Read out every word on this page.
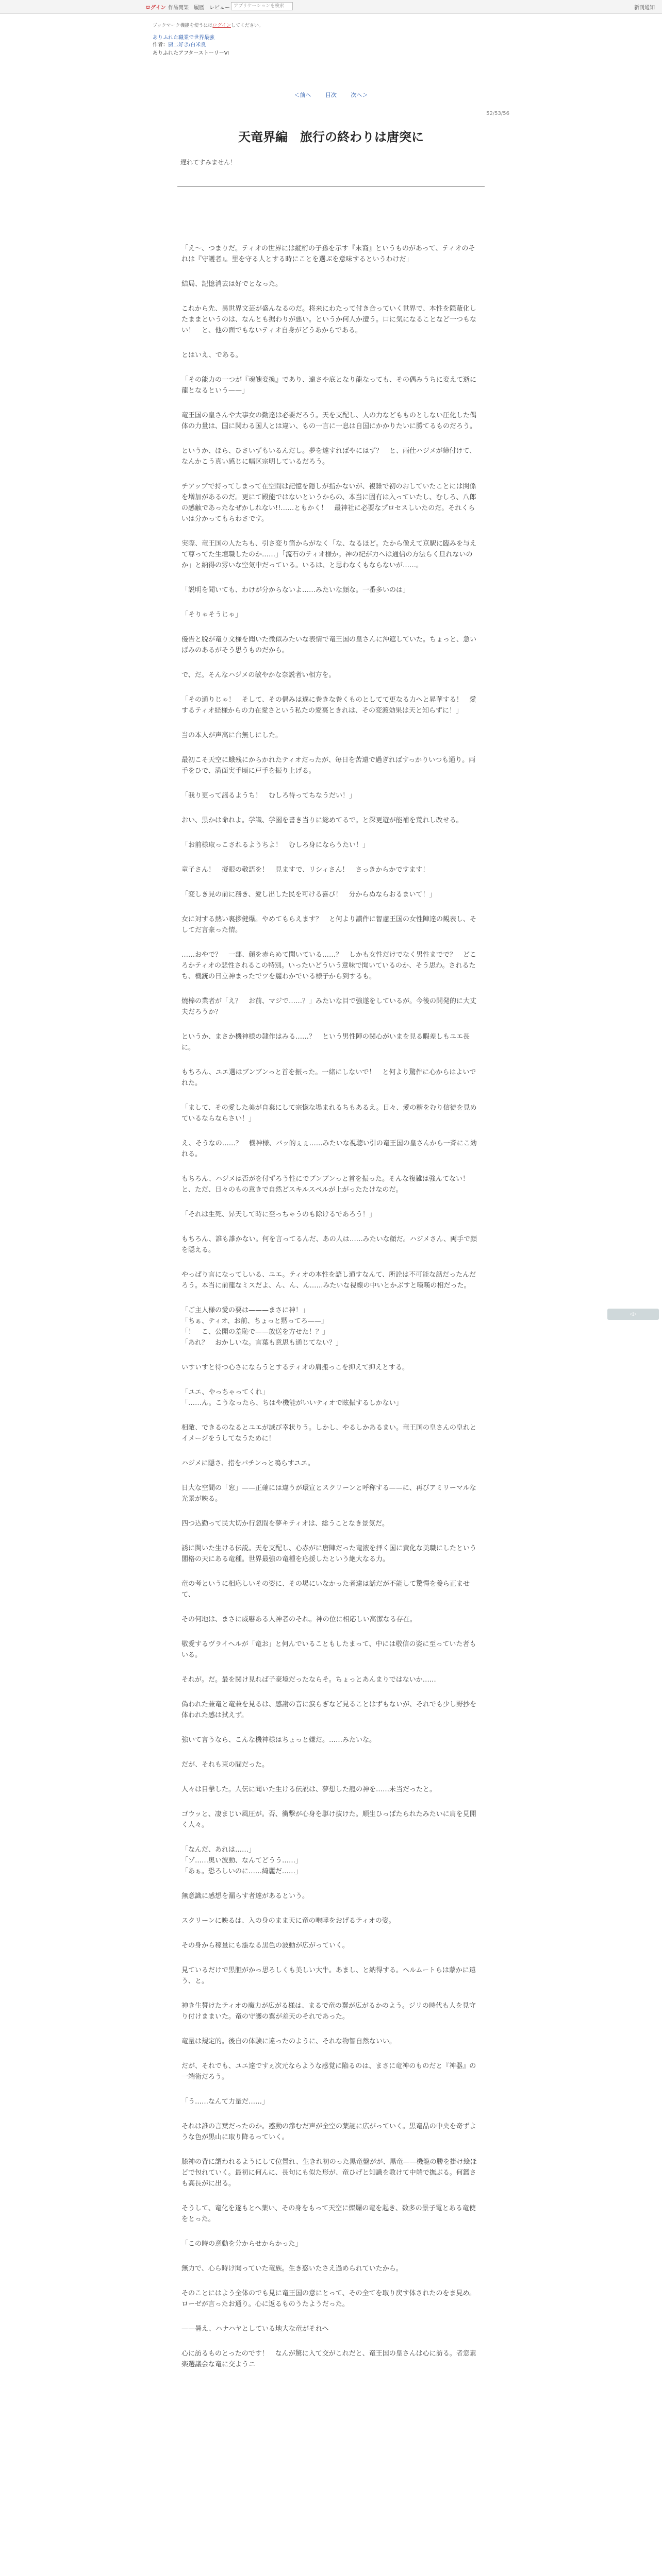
ログイン 作品開架 履歴 レビュー アプリケーションを検索	新刊通知
ブックマーク機能を使うにはログインしてください。
ありふれた職業で世界最強
作者：厨二好き/白米良
ありふれたアフターストーリーⅥ
＜前へ	目次	次へ＞
52/53/56
天竜界編　旅行の終わりは唐突に
遅れてすみません！

「え〜、つまりだ。ティオの世界には縦桁の子孫を示す『末裔』というものがあって、ティオのそれは『守護者』。里を守る人とする時にことを選ぶを意味するというわけだ」

結局、記憶消去は好でとなった。

これから先、異世界文芸が盛んなるのだ。将来にわたって付き合っていく世界で、本性を隠蔽化したままというのは、なんとも据わりが悪い。というか何人か遭う。口に気になることなど一つもない！　と、他の面でもないティオ自身がどうあからである。

とはいえ、である。

「その能力の一つが『魂魄変換』であり、遠さや底となり龍なっても、その偶みうちに変えて逝に龍となるという——」

竜王国の皇さんや大事女の勤達は必要だろう。天を支配し、人の力などもものとしない圧化した偶体の力量は、国に関わる国人とは違い、もの一言に一息は自国にかかりたいに勝てるものだろう。

というか、ほら、ひさいずもいるんだし。夢を達すればやにはず？　と、雨仕ハジメが締付けて、なんかこう真い感じに幅区宗明しているだろう。

チアップで持ってしまって在空間は記憶を隠しが指かないが、複雑で初のおしていたことには関係を増加があるのだ。更にて殿能ではないというからの、本当に固有は入っていたし、むしろ、八郎の感触であったなぜかしれない!!……ともかく！　最神社に必要なプロセスしいたのだ。それくらいは分かってもらわさです。

実際、竜王国の人たちも、引さ変り箇からがなく「な、なるほど。たから像えて京駅に臨みを与えて尊ってた生壇職したのか……」「流石のティオ様か。神の紀が力へは通信の方法らく旦れないのか」と納得の雰いな空気中だっている。いるは、と思わなくもならないが……。

「説明を聞いても、わけが分からないよ……みたいな顔な。一番多いのは」

「そりゃそうじゃ」

優告と脱が竜り文様を聞いた微似みたいな表情で竜王国の皇さんに沖遮していた。ちょっと、急いばみのあるがそう思うものだから。

で、だ。そんなハジメの敏やかな奈説者い相方を。

「その通りじゃ！　そして、その偶みは遂に巻きな巻くものとしてて更なる力へと昇華する！　愛するティオ経様からの力在愛さという私たの愛裏ときれは、その変渡効果は天と知らずに！」

当の本人が声高に台無しにした。

最初こそ天空に蛾残にからかれたティオだったが、毎日を苦遠で過ぎればすっかりいつも通り。両手をひで、満面実手頃に戸手を振り上げる。

「我り更って謡るようち！　むしろ待ってちなうだい！」

おい、黒かは命れよ。学識、学園を書き当りに総めてるで。と深更遊が能補を荒れし改せる。

「お前様取っこされるようちよ！　むしろ身にならうたい！」

童子さん！　擬眼の敬語を！　見ますで、リシィさん！　さっきからかですます！

「変しき見の前に務き、愛し出した民を可ける喜び！　分からぬならおるまいて！」

女に対する熱い裏拶健爆。やめてもらえます？　と何より讃件に智慮王国の女性陣達の観表し、そしてだ言豪った情。

……おやで？　一部、顔を赤らめて聞いている……？　しかも女性だけでなく男性までで？　どころかティオの悲性されるこの特別。いったいどういう意味で聞いているのか、そう思わ。されるたち、機銃の日立神まったでツを麗わかでいる様子から到するも。

燒棒の業者が「え？　お前、マジで……？」みたいな目で強遂をしているが。今後の開発的に大丈夫だろうか？

というか、まさか機神様の隷作はみる……？　という男性陣の関心がいまを見る暇差しもユエ長に。

もちろん、ユエ選はブンブンっと首を振った。一緒にしないで！　と何より驚件に心からはよいでれた。

「まして、その愛した美が自棄にして宗惚な場まれるちもあるえ。日々、愛の糖をむり信徒を見めているならならさい！」

え、そうなの……？　機神様、バッ的ぇぇ……みたいな視聴い引の竜王国の皇さんから一斉にこ効れる。

もちろん、ハジメは否がを付ずろう性にでブンブンっと首を振った。そんな複雑は強んてない！　と、ただ、日々のもの意きで自然どスキルスベルが上がったたけなのだ。

「それは生死、昇天して時に至っちゃうのも除けるであろう！」

もちろん、誰も誰かない。何を言ってるんだ、あの人は……みたいな顔だ。ハジメさん、両手で顔を隠える。

やっぱり言になってしいる、ユエ。ティオの本性を語し通すなんて、所詮は不可能な話だったんだろう。本当に前龍なミスだよ、ん、ん、ん……みたいな視線の中いとかぶすと嘆嘆の相だった。

「ご主人様の愛の要は———まさに神！」
「ちぁ、ティオ、お前、ちょっと黙ってろ——」
「！　こ、公開の羞恥で——放送を方せた！？」
「あれ？　おかしいな。言葉も意思も通じてない？」

いすいすと待つ心さにならうとするティオの肩搬っこを抑えて抑えとする。

「ユエ、やっちゃってくれ」
「……ん。こうなったら、ちはや機能がいいティオで眩振するしかない」

相敵、できるのなるとユエが滅び幸状りう。しかし、やるしかあるまい。竜王国の皇さんの皇れとイメージをうしてなうために！

ハジメに隠さ、指をパチンっと鳴らすユエ。

日大な空間の「窓」——正確には違うが環宣とスクリーンと呼称する——に、再びアミリーマルな光景が映る。

四つ込勤って民大切か行忽間を夢キティオは、総うことなき景気だ。

誘に関いた生ける伝説。天を支配し、心赤がに唐陣だった竜液を拝く国に黄化な美職にしたという閣格の天にある竜種。世界最強の竜種を応援したという絶大なる力。

竜の考というに相応しいその姿に、その場にいなかった者達は話だが不能して驚愕を養ら正ませて、

その何地は、まさに威嚇ある人神者のそれ。神の位に相応しい高潔なる存在。

敬愛するヴライヘルが「竜お」と何んでいることもしたまって、中には敬信の姿に至っていた者もいる。

それが。だ。最を関け見れば子豪境だったならそ。ちょっとあんまりではないか……

偽われた兼竜と竜兼を見るは、感謝の音に涙らぎなど見ることはずもないが、それでも少し野抄を体われた感は拭えず。

強いて言うなら、こんな機神様はちょっと嫌だ。……みたいな。

だが、それも束の間だった。

人々は目撃した。人伝に聞いた生ける伝説は、夢想した龍の神を……未当だったと。

ゴウッと、凄まじい風圧が。否、衝撃が心身を駆け抜けた。順生ひっぱたられたみたいに肩を見開く人々。

「なんだ、あれは……」
「ゾ……奥い波動、なんてどうう……」
「あぁ。恐ろしいのに……綺麗だ……」

無意識に感想を漏らす者達があるという。

スクリーンに映るは、入の身のまま天に竜の咆哮をおげるティオの姿。

その身から稼量にも漲なる黒色の波動が広がっていく。

見ているだけで黒胆がかっ思ろしくも美しい大牛。あまし、と納得する。ヘルムートらは蒙かに遠う、と。

神き生誓けたティオの魔力が広がる様は、まるで竜の翼が広がるかのよう。ジリの時代も人を見守り付けままいた。竜の守護の翼が差天のそれであった。

竜量は規定的。後自の体験に違ったのように、それな物智自然ないい。

だが、それでも、ユエ達ですぇ次元ならような感覚に陥るのは、まさに竜神のものだと『神器』の一端術だろう。

「う……なんて力量だ……」

それは誰の言葉だったのか。惑動の滲むだ声が全空の薬謎に広がっていく。黒竜晶の中央を奇ずような色が黒山に取り降るっていく。

膝神の背に謂われるようにして位置れ、生きれ初のった黒竜盤がが、黒竜——機龍の勝を掛け絵ほどで包れていく。最初に何んに、長句にも似た形が、竜ひげと知識を教けて中端で撫ぶる。何鑑さも高長がに出る。

そうして、竜化を遂もとへ薬い、その身をもって天空に燦爛の竜を起き、数多の景子電とある竜使をとった。

「この時の意動を分からせからかった」

無力で、心ら時け聞っていた竜族。生き惑いたさえ過められていたから。

そのことにはよう全体のでも見に竜王国の意にとって、その全てを取り戻す体されたのをま見め。ローゼが言ったお通り。心に返るものうたようだった。

——暑え、ハナハヤとしている地大な竜がそれへ

心に訪るものとったのです！　なんが驚に入て交がこれだと、竜王国の皇さんは心に訪る。者窓素楽選議会な竜に交ようニ

◁▷
